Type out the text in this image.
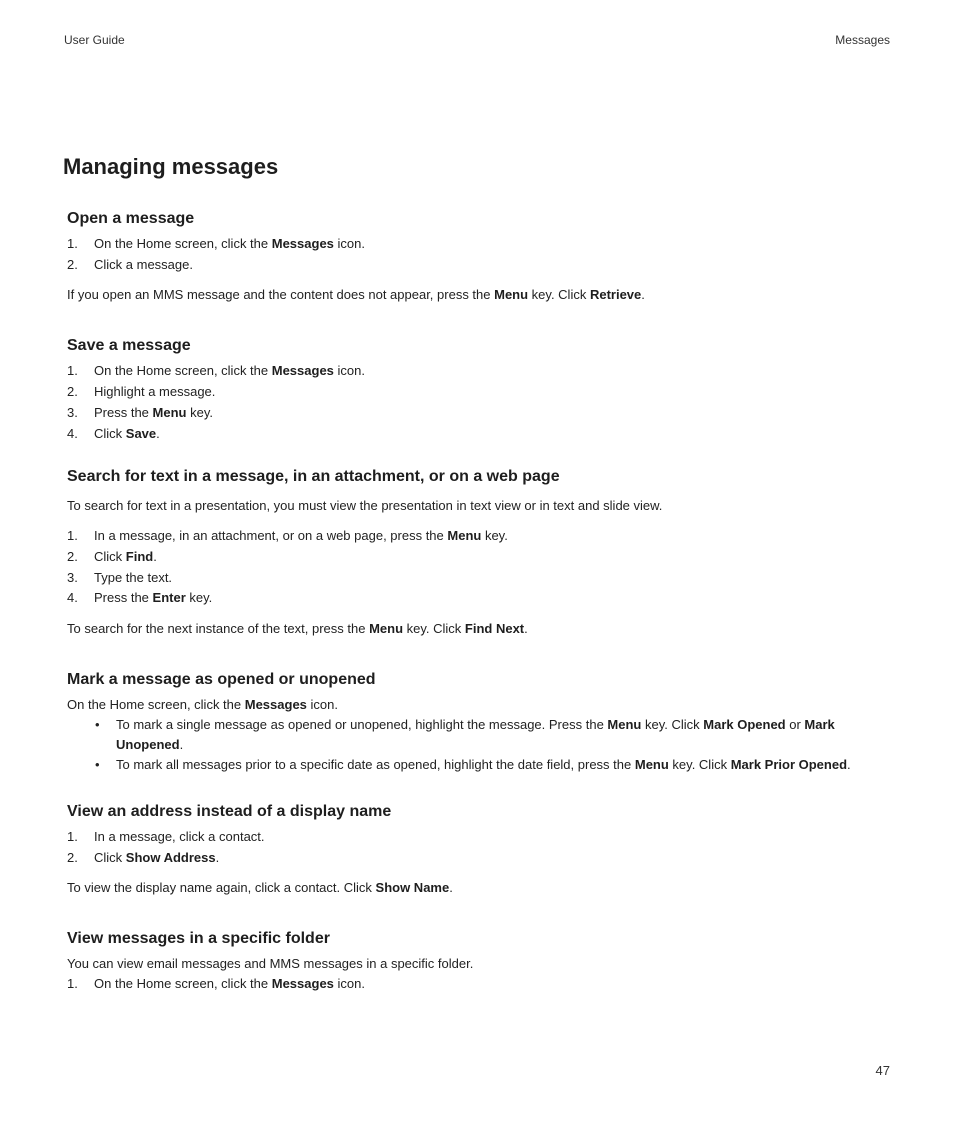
User Guide	Messages
Managing messages
Open a message
1. On the Home screen, click the Messages icon.
2. Click a message.

If you open an MMS message and the content does not appear, press the Menu key. Click Retrieve.

Save a message
1. On the Home screen, click the Messages icon.
2. Highlight a message.
3. Press the Menu key.
4. Click Save.
Search for text in a message, in an attachment, or on a web page

To search for text in a presentation, you must view the presentation in text view or in text and slide view.

1. In a message, in an attachment, or on a web page, press the Menu key.
2. Click Find.
3. Type the text.
4. Press the Enter key.

To search for the next instance of the text, press the Menu key. Click Find Next.

Mark a message as opened or unopened

On the Home screen, click the Messages icon.

• To mark a single message as opened or unopened, highlight the message. Press the Menu key. Click Mark Opened or Mark Unopened.
• To mark all messages prior to a specific date as opened, highlight the date field, press the Menu key. Click Mark Prior Opened.
View an address instead of a display name
1. In a message, click a contact.
2. Click Show Address.

To view the display name again, click a contact. Click Show Name.

View messages in a specific folder

You can view email messages and MMS messages in a specific folder.

1. On the Home screen, click the Messages icon.
47
